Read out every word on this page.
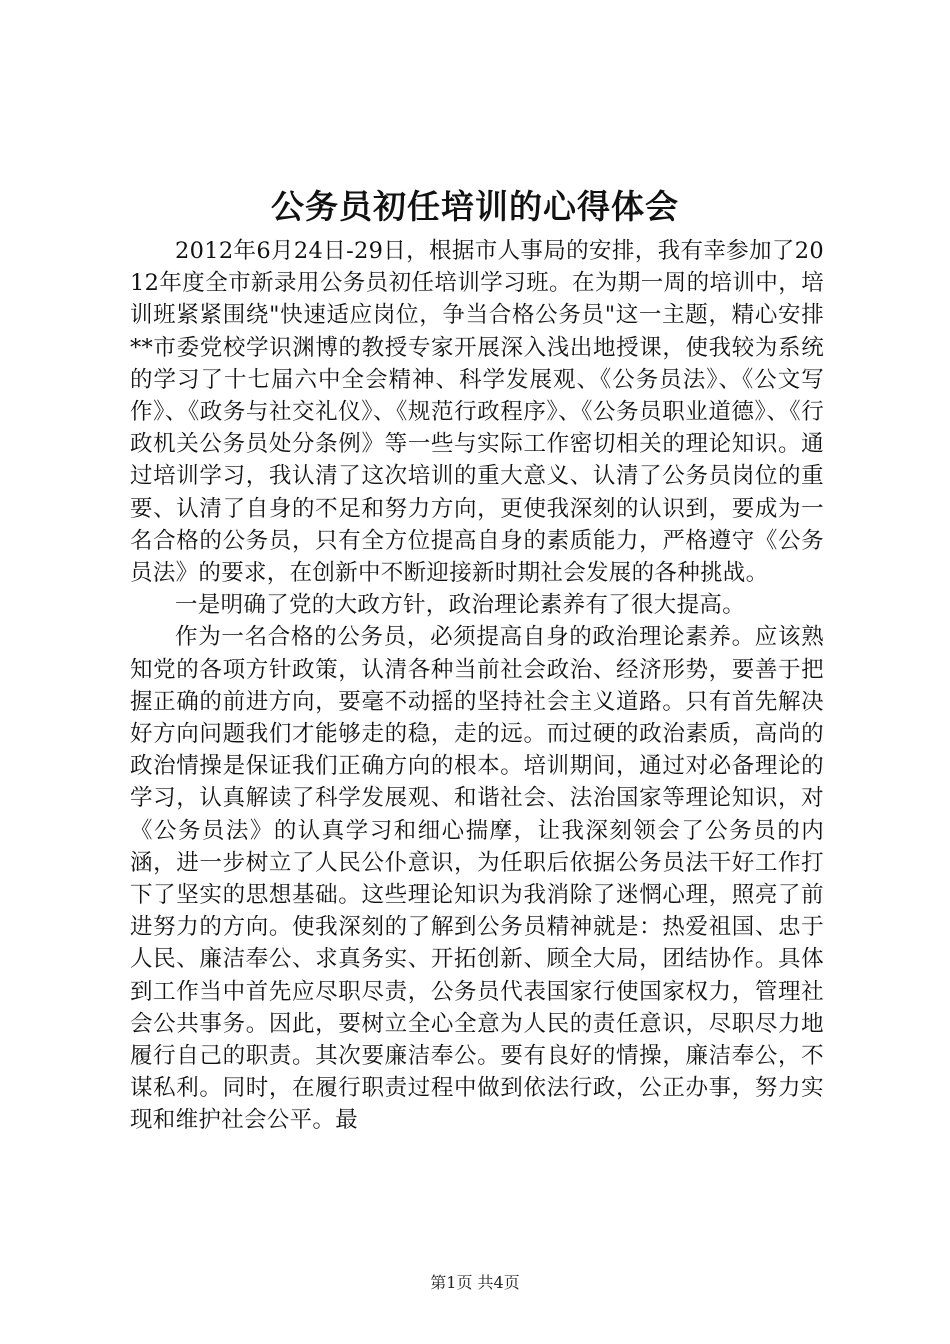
公务员初任培训的心得体会

2012年6月24日-29日，根据市人事局的安排，我有幸参加了2012年度全市新录用公务员初任培训学习班。在为期一周的培训中，培训班紧紧围绕"快速适应岗位，争当合格公务员"这一主题，精心安排**市委党校学识渊博的教授专家开展深入浅出地授课，使我较为系统的学习了十七届六中全会精神、科学发展观、《公务员法》、《公文写作》、《政务与社交礼仪》、《规范行政程序》、《公务员职业道德》、《行政机关公务员处分条例》等一些与实际工作密切相关的理论知识。通过培训学习，我认清了这次培训的重大意义、认清了公务员岗位的重要、认清了自身的不足和努力方向，更使我深刻的认识到，要成为一名合格的公务员，只有全方位提高自身的素质能力，严格遵守《公务员法》的要求，在创新中不断迎接新时期社会发展的各种挑战。

一是明确了党的大政方针，政治理论素养有了很大提高。

作为一名合格的公务员，必须提高自身的政治理论素养。应该熟知党的各项方针政策，认清各种当前社会政治、经济形势，要善于把握正确的前进方向，要毫不动摇的坚持社会主义道路。只有首先解决好方向问题我们才能够走的稳，走的远。而过硬的政治素质，高尚的政治情操是保证我们正确方向的根本。培训期间，通过对必备理论的学习，认真解读了科学发展观、和谐社会、法治国家等理论知识，对《公务员法》的认真学习和细心揣摩，让我深刻领会了公务员的内涵，进一步树立了人民公仆意识，为任职后依据公务员法干好工作打下了坚实的思想基础。这些理论知识为我消除了迷惘心理，照亮了前进努力的方向。使我深刻的了解到公务员精神就是：热爱祖国、忠于人民、廉洁奉公、求真务实、开拓创新、顾全大局，团结协作。具体到工作当中首先应尽职尽责，公务员代表国家行使国家权力，管理社会公共事务。因此，要树立全心全意为人民的责任意识，尽职尽力地履行自己的职责。其次要廉洁奉公。要有良好的情操，廉洁奉公，不谋私利。同时，在履行职责过程中做到依法行政，公正办事，努力实现和维护社会公平。最

第1页 共4页
